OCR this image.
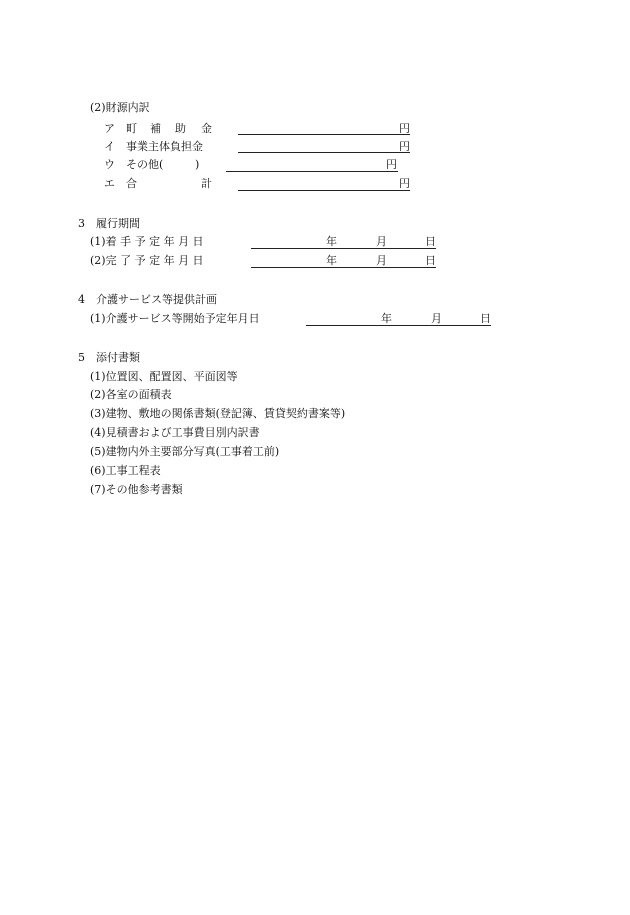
(2)財源内訳
ア 町 補 助 金	円
イ 事業主体負担金	円
ウ その他(	)	円
エ 合	計	円
3　履行期間
(1)着 手 予 定 年 月 日	年	月	日
(2)完 了 予 定 年 月 日	年	月	日
4　介護サービス等提供計画
(1)介護サービス等開始予定年月日	年	月	日
5　添付書類
(1)位置図、配置図、平面図等
(2)各室の面積表
(3)建物、敷地の関係書類(登記簿、賃貸契約書案等)
(4)見積書および工事費目別内訳書
(5)建物内外主要部分写真(工事着工前)
(6)工事工程表
(7)その他参考書類
